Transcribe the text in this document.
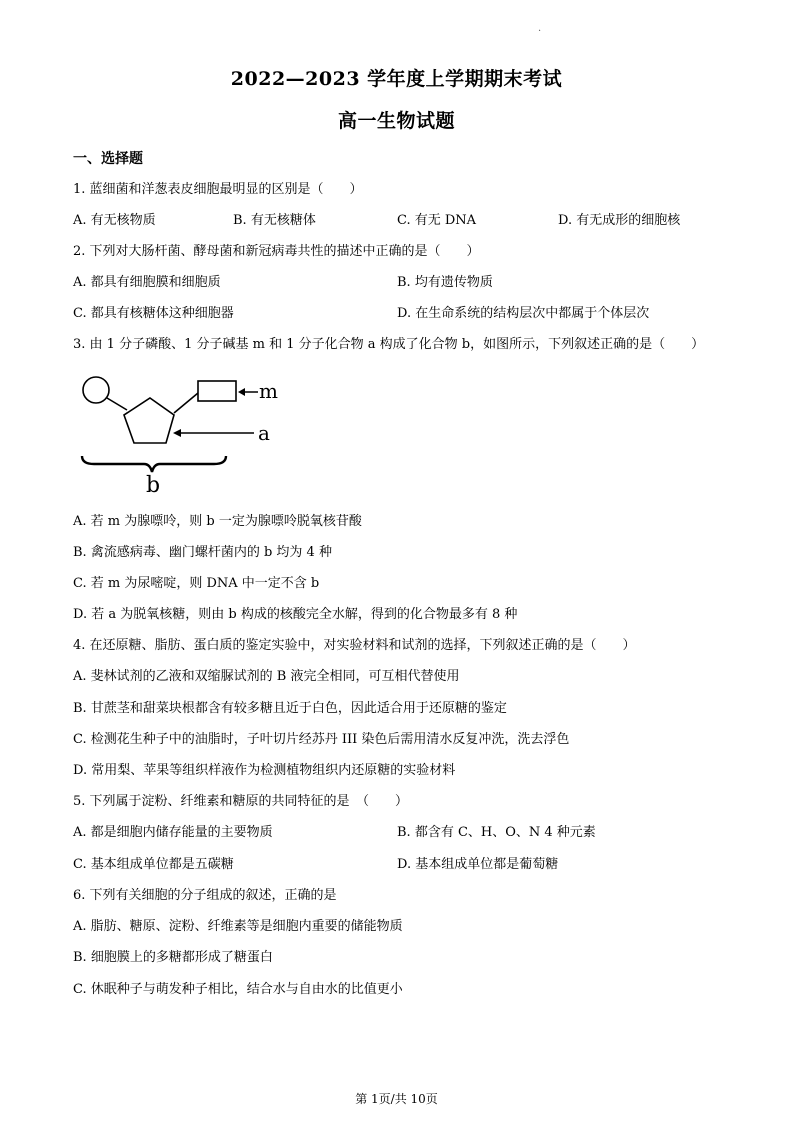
·
2022—2023 学年度上学期期末考试
高一生物试题
一、选择题
1. 蓝细菌和洋葱表皮细胞最明显的区别是（　　）
A. 有无核物质	B. 有无核糖体	C. 有无 DNA	D. 有无成形的细胞核
2. 下列对大肠杆菌、酵母菌和新冠病毒共性的描述中正确的是（　　）
A. 都具有细胞膜和细胞质	B. 均有遗传物质
C. 都具有核糖体这种细胞器	D. 在生命系统的结构层次中都属于个体层次
3. 由 1 分子磷酸、1 分子碱基 m 和 1 分子化合物 a 构成了化合物 b，如图所示，下列叙述正确的是（　　）
m
a
b
A. 若 m 为腺嘌呤，则 b 一定为腺嘌呤脱氧核苷酸
B. 禽流感病毒、幽门螺杆菌内的 b 均为 4 种
C. 若 m 为尿嘧啶，则 DNA 中一定不含 b
D. 若 a 为脱氧核糖，则由 b 构成的核酸完全水解，得到的化合物最多有 8 种
4. 在还原糖、脂肪、蛋白质的鉴定实验中，对实验材料和试剂的选择，下列叙述正确的是（　　）
A. 斐林试剂的乙液和双缩脲试剂的 B 液完全相同，可互相代替使用
B. 甘蔗茎和甜菜块根都含有较多糖且近于白色，因此适合用于还原糖的鉴定
C. 检测花生种子中的油脂时，子叶切片经苏丹 III 染色后需用清水反复冲洗，洗去浮色
D. 常用梨、苹果等组织样液作为检测植物组织内还原糖的实验材料
5. 下列属于淀粉、纤维素和糖原的共同特征的是　（　　）
A. 都是细胞内储存能量的主要物质	B. 都含有 C、H、O、N 4 种元素
C. 基本组成单位都是五碳糖	D. 基本组成单位都是葡萄糖
6. 下列有关细胞的分子组成的叙述，正确的是
A. 脂肪、糖原、淀粉、纤维素等是细胞内重要的储能物质
B. 细胞膜上的多糖都形成了糖蛋白
C. 休眠种子与萌发种子相比，结合水与自由水的比值更小
第 1页/共 10页
